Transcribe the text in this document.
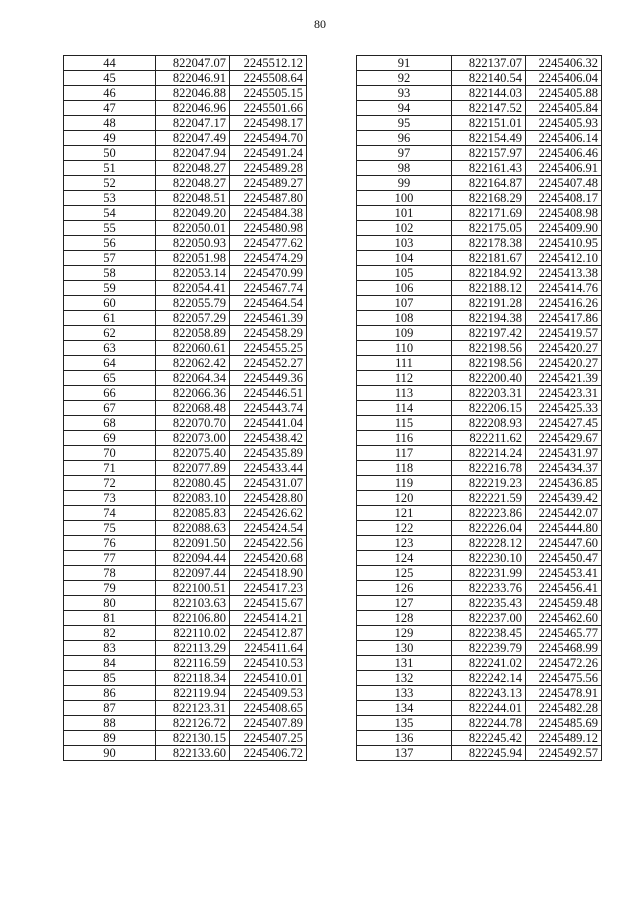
80
44	822047.07	2245512.12
45	822046.91	2245508.64
46	822046.88	2245505.15
47	822046.96	2245501.66
48	822047.17	2245498.17
49	822047.49	2245494.70
50	822047.94	2245491.24
51	822048.27	2245489.28
52	822048.27	2245489.27
53	822048.51	2245487.80
54	822049.20	2245484.38
55	822050.01	2245480.98
56	822050.93	2245477.62
57	822051.98	2245474.29
58	822053.14	2245470.99
59	822054.41	2245467.74
60	822055.79	2245464.54
61	822057.29	2245461.39
62	822058.89	2245458.29
63	822060.61	2245455.25
64	822062.42	2245452.27
65	822064.34	2245449.36
66	822066.36	2245446.51
67	822068.48	2245443.74
68	822070.70	2245441.04
69	822073.00	2245438.42
70	822075.40	2245435.89
71	822077.89	2245433.44
72	822080.45	2245431.07
73	822083.10	2245428.80
74	822085.83	2245426.62
75	822088.63	2245424.54
76	822091.50	2245422.56
77	822094.44	2245420.68
78	822097.44	2245418.90
79	822100.51	2245417.23
80	822103.63	2245415.67
81	822106.80	2245414.21
82	822110.02	2245412.87
83	822113.29	2245411.64
84	822116.59	2245410.53
85	822118.34	2245410.01
86	822119.94	2245409.53
87	822123.31	2245408.65
88	822126.72	2245407.89
89	822130.15	2245407.25
90	822133.60	2245406.72
91	822137.07	2245406.32
92	822140.54	2245406.04
93	822144.03	2245405.88
94	822147.52	2245405.84
95	822151.01	2245405.93
96	822154.49	2245406.14
97	822157.97	2245406.46
98	822161.43	2245406.91
99	822164.87	2245407.48
100	822168.29	2245408.17
101	822171.69	2245408.98
102	822175.05	2245409.90
103	822178.38	2245410.95
104	822181.67	2245412.10
105	822184.92	2245413.38
106	822188.12	2245414.76
107	822191.28	2245416.26
108	822194.38	2245417.86
109	822197.42	2245419.57
110	822198.56	2245420.27
111	822198.56	2245420.27
112	822200.40	2245421.39
113	822203.31	2245423.31
114	822206.15	2245425.33
115	822208.93	2245427.45
116	822211.62	2245429.67
117	822214.24	2245431.97
118	822216.78	2245434.37
119	822219.23	2245436.85
120	822221.59	2245439.42
121	822223.86	2245442.07
122	822226.04	2245444.80
123	822228.12	2245447.60
124	822230.10	2245450.47
125	822231.99	2245453.41
126	822233.76	2245456.41
127	822235.43	2245459.48
128	822237.00	2245462.60
129	822238.45	2245465.77
130	822239.79	2245468.99
131	822241.02	2245472.26
132	822242.14	2245475.56
133	822243.13	2245478.91
134	822244.01	2245482.28
135	822244.78	2245485.69
136	822245.42	2245489.12
137	822245.94	2245492.57
